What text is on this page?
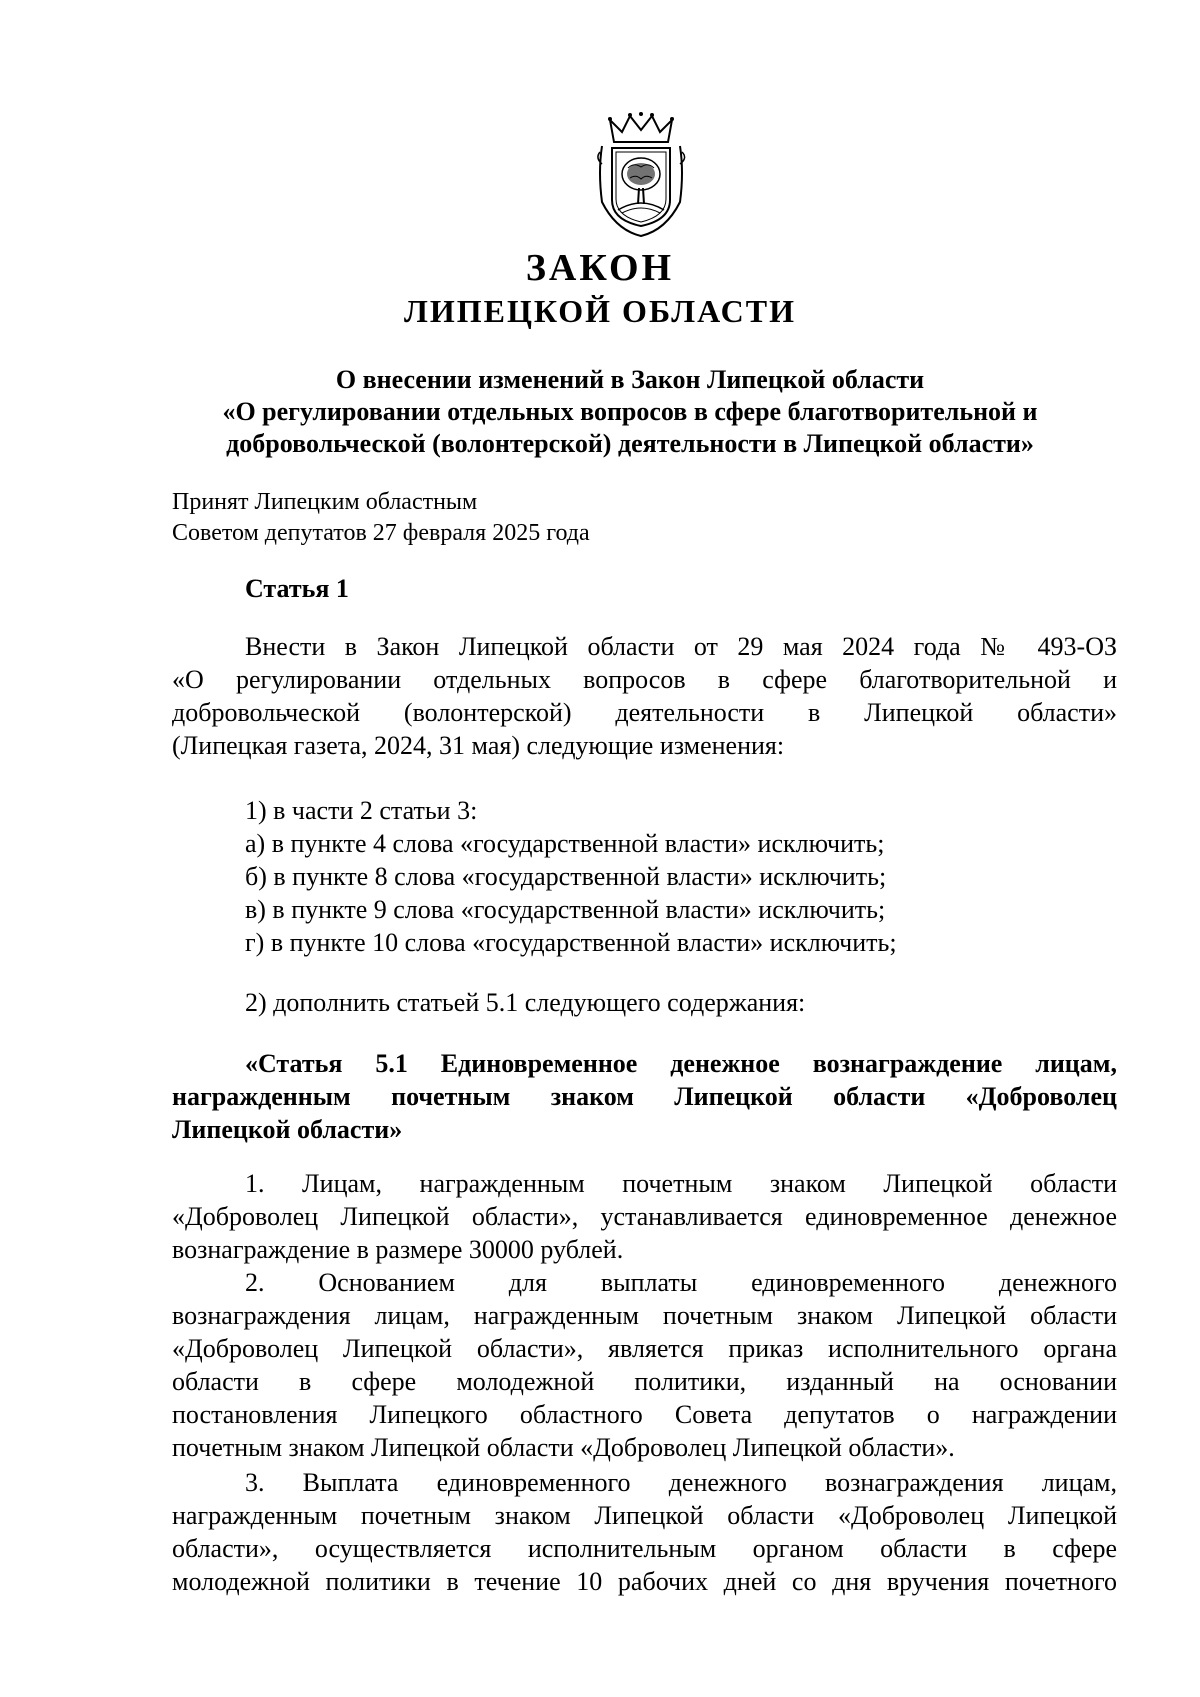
ЗАКОН
ЛИПЕЦКОЙ ОБЛАСТИ
О внесении изменений в Закон Липецкой области
«О регулировании отдельных вопросов в сфере благотворительной и
добровольческой (волонтерской) деятельности в Липецкой области»
Принят Липецким областным
Советом депутатов 27 февраля 2025 года
Статья 1
Внести в Закон Липецкой области от 29 мая 2024 года № 493-ОЗ
«О регулировании отдельных вопросов в сфере благотворительной и
добровольческой (волонтерской) деятельности в Липецкой области»
(Липецкая газета, 2024, 31 мая) следующие изменения:
1) в части 2 статьи 3:
а) в пункте 4 слова «государственной власти» исключить;
б) в пункте 8 слова «государственной власти» исключить;
в) в пункте 9 слова «государственной власти» исключить;
г) в пункте 10 слова «государственной власти» исключить;
2) дополнить статьей 5.1 следующего содержания:
«Статья 5.1 Единовременное денежное вознаграждение лицам,
награжденным почетным знаком Липецкой области «Доброволец
Липецкой области»
1. Лицам, награжденным почетным знаком Липецкой области
«Доброволец Липецкой области», устанавливается единовременное денежное
вознаграждение в размере 30000 рублей.
2. Основанием для выплаты единовременного денежного
вознаграждения лицам, награжденным почетным знаком Липецкой области
«Доброволец Липецкой области», является приказ исполнительного органа
области в сфере молодежной политики, изданный на основании
постановления Липецкого областного Совета депутатов о награждении
почетным знаком Липецкой области «Доброволец Липецкой области».
3. Выплата единовременного денежного вознаграждения лицам,
награжденным почетным знаком Липецкой области «Доброволец Липецкой
области», осуществляется исполнительным органом области в сфере
молодежной политики в течение 10 рабочих дней со дня вручения почетного
